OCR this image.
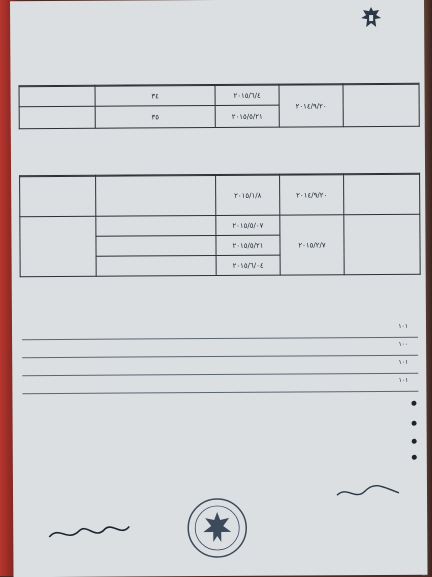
	٣٤	٢٠١٥/٦/٤	٢٠١٤/٩/٢٠	
	٣٥	٢٠١٥/٥/٢١		

		٢٠١٥/١/٨	٢٠١٤/٩/٢٠	
		٢٠١٥/٥/٠٧	٢٠١٥/٢/٧	
		٢٠١٥/٥/٢١		
		٢٠١٥/٦/٠٤		
١٠١
١٠٠
١٠١
١٠١
